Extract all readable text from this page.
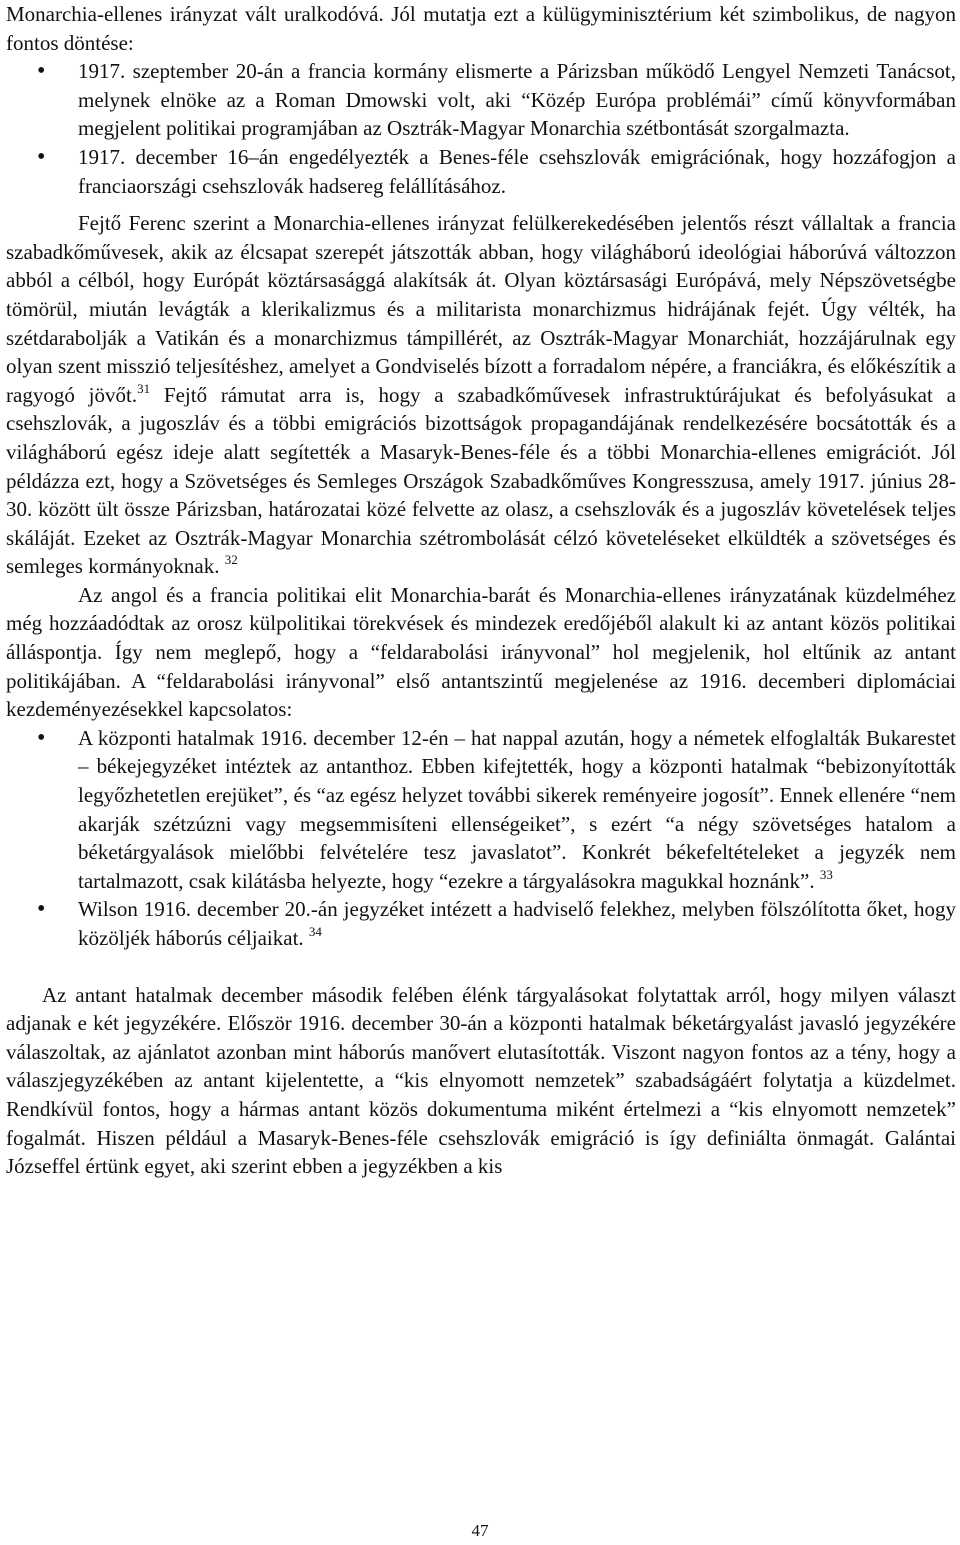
Monarchia-ellenes irányzat vált uralkodóvá. Jól mutatja ezt a külügyminisztérium két szimbolikus, de nagyon fontos döntése:

• 1917. szeptember 20-án a francia kormány elismerte a Párizsban működő Lengyel Nemzeti Tanácsot, melynek elnöke az a Roman Dmowski volt, aki “Közép Európa problémái” című könyvformában megjelent politikai programjában az Osztrák-Magyar Monarchia szétbontását szorgalmazta.
• 1917. december 16–án engedélyezték a Benes-féle csehszlovák emigrációnak, hogy hozzáfogjon a franciaországi csehszlovák hadsereg felállításához.

Fejtő Ferenc szerint a Monarchia-ellenes irányzat felülkerekedésében jelentős részt vállaltak a francia szabadkőművesek, akik az élcsapat szerepét játszották abban, hogy világháború ideológiai háborúvá változzon abból a célból, hogy Európát köztársasággá alakítsák át. Olyan köztársasági Európává, mely Népszövetségbe tömörül, miután levágták a klerikalizmus és a militarista monarchizmus hidrájának fejét. Úgy vélték, ha szétdarabolják a Vatikán és a monarchizmus támpillérét, az Osztrák-Magyar Monarchiát, hozzájárulnak egy olyan szent misszió teljesítéshez, amelyet a Gondviselés bízott a forradalom népére, a franciákra, és előkészítik a ragyogó jövőt.$^{31}$ Fejtő rámutat arra is, hogy a szabadkőművesek infrastruktúrájukat és befolyásukat a csehszlovák, a jugoszláv és a többi emigrációs bizottságok propagandájának rendelkezésére bocsátották és a világháború egész ideje alatt segítették a Masaryk-Benes-féle és a többi Monarchia-ellenes emigrációt. Jól példázza ezt, hogy a Szövetséges és Semleges Országok Szabadkőműves Kongresszusa, amely 1917. június 28-30. között ült össze Párizsban, határozatai közé felvette az olasz, a csehszlovák és a jugoszláv követelések teljes skáláját. Ezeket az Osztrák-Magyar Monarchia szétrombolását célzó követeléseket elküldték a szövetséges és semleges kormányoknak. $^{32}$

Az angol és a francia politikai elit Monarchia-barát és Monarchia-ellenes irányzatának küzdelméhez még hozzáadódtak az orosz külpolitikai törekvések és mindezek eredőjéből alakult ki az antant közös politikai álláspontja. Így nem meglepő, hogy a “feldarabolási irányvonal” hol megjelenik, hol eltűnik az antant politikájában. A “feldarabolási irányvonal” első antantszintű megjelenése az 1916. decemberi diplomáciai kezdeményezésekkel kapcsolatos:

• A központi hatalmak 1916. december 12-én – hat nappal azután, hogy a németek elfoglalták Bukarestet – békejegyzéket intéztek az antanthoz. Ebben kifejtették, hogy a központi hatalmak “bebizonyították legyőzhetetlen erejüket”, és “az egész helyzet további sikerek reményeire jogosít”. Ennek ellenére “nem akarják szétzúzni vagy megsemmisíteni ellenségeiket”, s ezért “a négy szövetséges hatalom a béketárgyalások mielőbbi felvételére tesz javaslatot”. Konkrét békefeltételeket a jegyzék nem tartalmazott, csak kilátásba helyezte, hogy “ezekre a tárgyalásokra magukkal hoznánk”. $^{33}$
• Wilson 1916. december 20.-án jegyzéket intézett a hadviselő felekhez, melyben fölszólította őket, hogy közöljék háborús céljaikat. $^{34}$

Az antant hatalmak december második felében élénk tárgyalásokat folytattak arról, hogy milyen választ adjanak e két jegyzékére. Először 1916. december 30-án a központi hatalmak béketárgyalást javasló jegyzékére válaszoltak, az ajánlatot azonban mint háborús manővert elutasították. Viszont nagyon fontos az a tény, hogy a válaszjegyzékében az antant kijelentette, a “kis elnyomott nemzetek” szabadságáért folytatja a küzdelmet. Rendkívül fontos, hogy a hármas antant közös dokumentuma miként értelmezi a “kis elnyomott nemzetek” fogalmát. Hiszen például a Masaryk-Benes-féle csehszlovák emigráció is így definiálta önmagát. Galántai Józseffel értünk egyet, aki szerint ebben a jegyzékben a kis

47
